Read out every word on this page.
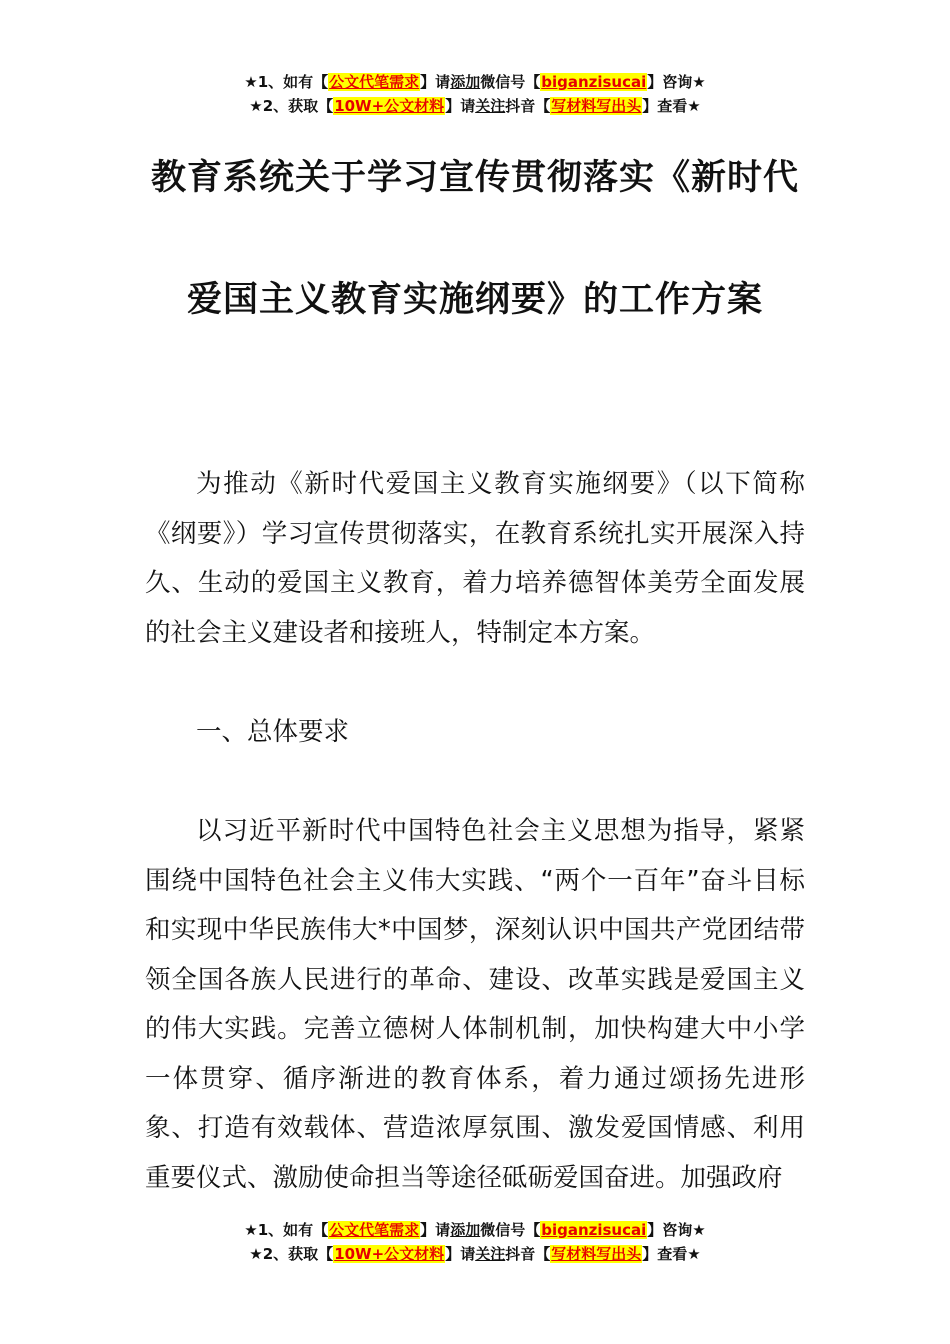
★1、如有【公文代笔需求】请添加微信号【biganzisucai】咨询★
★2、获取【10W+公文材料】请关注抖音【写材料写出头】查看★
教育系统关于学习宣传贯彻落实《新时代
爱国主义教育实施纲要》的工作方案

为推动《新时代爱国主义教育实施纲要》（以下简称《纲要》）学习宣传贯彻落实，在教育系统扎实开展深入持久、生动的爱国主义教育，着力培养德智体美劳全面发展的社会主义建设者和接班人，特制定本方案。

一、总体要求

以习近平新时代中国特色社会主义思想为指导，紧紧围绕中国特色社会主义伟大实践、“两个一百年”奋斗目标和实现中华民族伟大*中国梦，深刻认识中国共产党团结带领全国各族人民进行的革命、建设、改革实践是爱国主义的伟大实践。完善立德树人体制机制，加快构建大中小学一体贯穿、循序渐进的教育体系，着力通过颂扬先进形象、打造有效载体、营造浓厚氛围、激发爱国情感、利用重要仪式、激励使命担当等途径砥砺爱国奋进。加强政府

★1、如有【公文代笔需求】请添加微信号【biganzisucai】咨询★
★2、获取【10W+公文材料】请关注抖音【写材料写出头】查看★
